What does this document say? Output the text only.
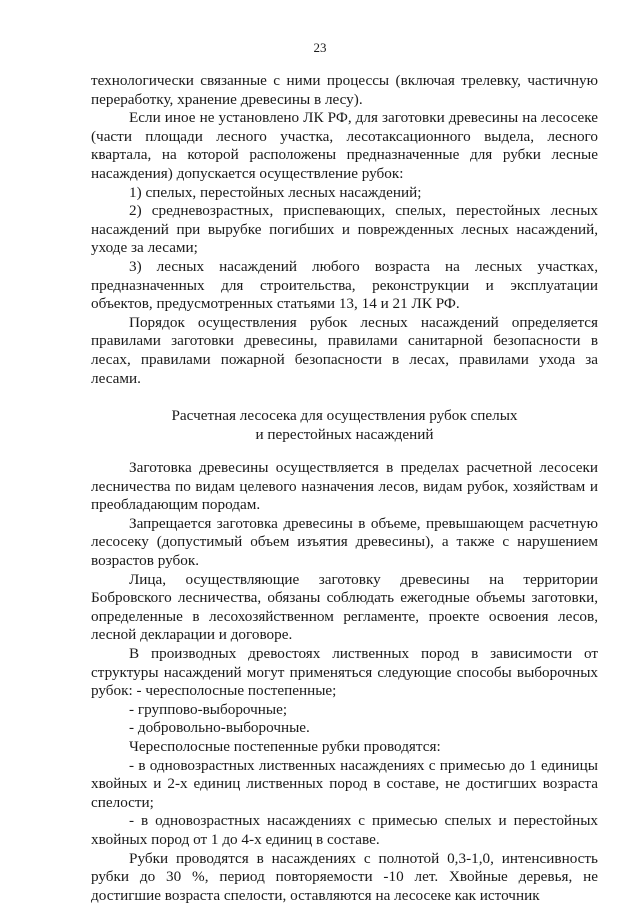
23

технологически связанные с ними процессы (включая трелевку, частичную переработку, хранение древесины в лесу).

Если иное не установлено ЛК РФ, для заготовки древесины на лесосеке (части площади лесного участка, лесотаксационного выдела, лесного квартала, на которой расположены предназначенные для рубки лесные насаждения) допускается осуществление рубок:

1) спелых, перестойных лесных насаждений;

2) средневозрастных, приспевающих, спелых, перестойных лесных насаждений при вырубке погибших и поврежденных лесных насаждений, уходе за лесами;

3) лесных насаждений любого возраста на лесных участках, предназначенных для строительства, реконструкции и эксплуатации объектов, предусмотренных статьями 13, 14 и 21 ЛК РФ.

Порядок осуществления рубок лесных насаждений определяется правилами заготовки древесины, правилами санитарной безопасности в лесах, правилами пожарной безопасности в лесах, правилами ухода за лесами.

Расчетная лесосека для осуществления рубок спелых
и перестойных насаждений

Заготовка древесины осуществляется в пределах расчетной лесосеки лесничества по видам целевого назначения лесов, видам рубок, хозяйствам и преобладающим породам.

Запрещается заготовка древесины в объеме, превышающем расчетную лесосеку (допустимый объем изъятия древесины), а также с нарушением возрастов рубок.

Лица, осуществляющие заготовку древесины на территории Бобровского лесничества, обязаны соблюдать ежегодные объемы заготовки, определенные в лесохозяйственном регламенте, проекте освоения лесов, лесной декларации и договоре.

В производных древостоях лиственных пород в зависимости от структуры насаждений могут применяться следующие способы выборочных рубок: - чересполосные постепенные;

- группово-выборочные;

- добровольно-выборочные.

Чересполосные постепенные рубки проводятся:

- в одновозрастных лиственных насаждениях с примесью до 1 единицы хвойных и 2-х единиц лиственных пород в составе, не достигших возраста спелости;

- в одновозрастных насаждениях с примесью спелых и перестойных хвойных пород от 1 до 4-х единиц в составе.

Рубки проводятся в насаждениях с полнотой 0,3-1,0, интенсивность рубки до 30 %, период повторяемости -10 лет. Хвойные деревья, не достигшие возраста спелости, оставляются на лесосеке как источник
